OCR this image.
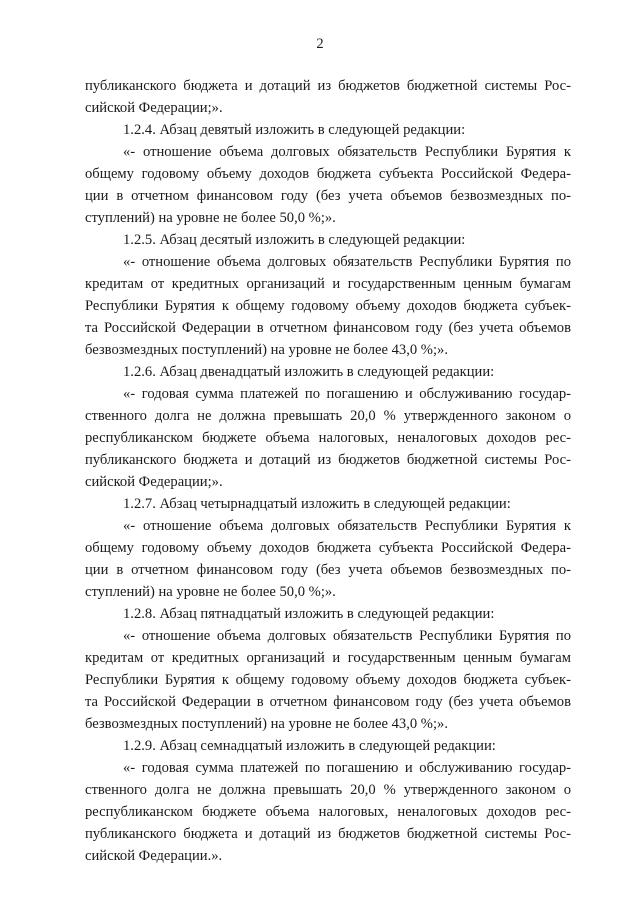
2
публиканского бюджета и дотаций из бюджетов бюджетной системы Рос-
сийской Федерации;».
1.2.4. Абзац девятый изложить в следующей редакции:
«- отношение объема долговых обязательств Республики Бурятия к
общему годовому объему доходов бюджета субъекта Российской Федера-
ции в отчетном финансовом году (без учета объемов безвозмездных по-
ступлений) на уровне не более 50,0 %;».
1.2.5. Абзац десятый изложить в следующей редакции:
«- отношение объема долговых обязательств Республики Бурятия по
кредитам от кредитных организаций и государственным ценным бумагам
Республики Бурятия к общему годовому объему доходов бюджета субъек-
та Российской Федерации в отчетном финансовом году (без учета объемов
безвозмездных поступлений) на уровне не более 43,0 %;».
1.2.6. Абзац двенадцатый изложить в следующей редакции:
«- годовая сумма платежей по погашению и обслуживанию государ-
ственного долга не должна превышать 20,0 % утвержденного законом о
республиканском бюджете объема налоговых, неналоговых доходов рес-
публиканского бюджета и дотаций из бюджетов бюджетной системы Рос-
сийской Федерации;».
1.2.7. Абзац четырнадцатый изложить в следующей редакции:
«- отношение объема долговых обязательств Республики Бурятия к
общему годовому объему доходов бюджета субъекта Российской Федера-
ции в отчетном финансовом году (без учета объемов безвозмездных по-
ступлений) на уровне не более 50,0 %;».
1.2.8. Абзац пятнадцатый изложить в следующей редакции:
«- отношение объема долговых обязательств Республики Бурятия по
кредитам от кредитных организаций и государственным ценным бумагам
Республики Бурятия к общему годовому объему доходов бюджета субъек-
та Российской Федерации в отчетном финансовом году (без учета объемов
безвозмездных поступлений) на уровне не более 43,0 %;».
1.2.9. Абзац семнадцатый изложить в следующей редакции:
«- годовая сумма платежей по погашению и обслуживанию государ-
ственного долга не должна превышать 20,0 % утвержденного законом о
республиканском бюджете объема налоговых, неналоговых доходов рес-
публиканского бюджета и дотаций из бюджетов бюджетной системы Рос-
сийской Федерации.».
